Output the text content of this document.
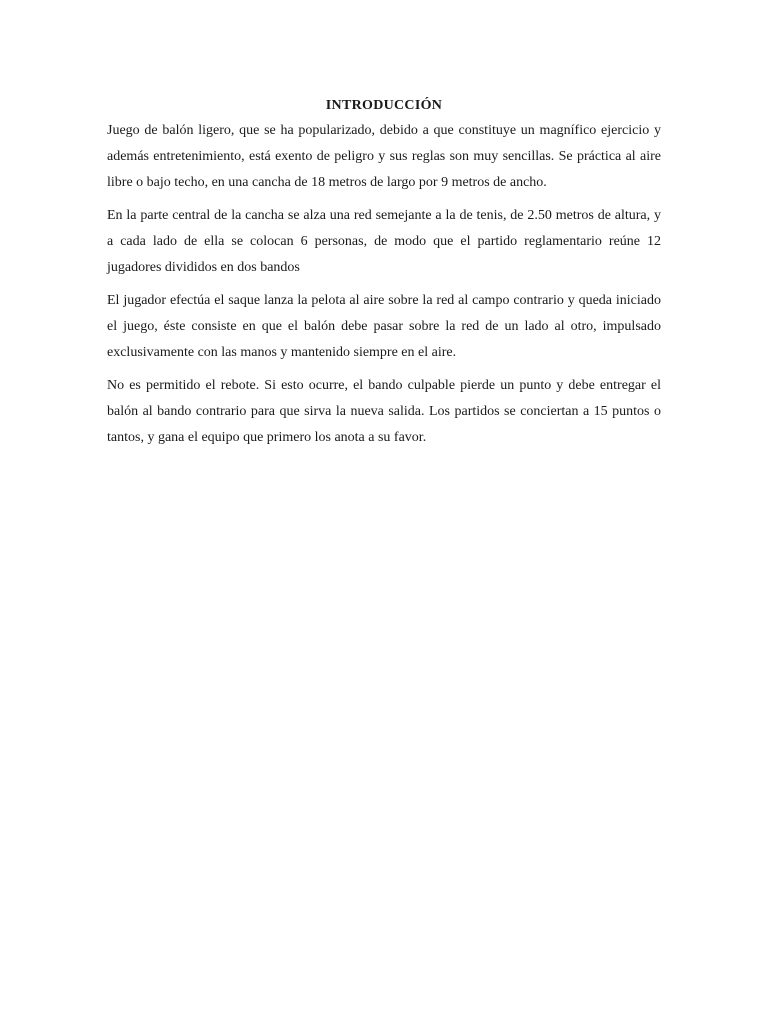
INTRODUCCIÓN

Juego de balón ligero, que se ha popularizado, debido a que constituye un magnífico ejercicio y además entretenimiento, está exento de peligro y sus reglas son muy sencillas. Se práctica al aire libre o bajo techo, en una cancha de 18 metros de largo por 9 metros de ancho.

En la parte central de la cancha se alza una red semejante a la de tenis, de 2.50 metros de altura, y a cada lado de ella se colocan 6 personas, de modo que el partido reglamentario reúne 12 jugadores divididos en dos bandos

El jugador efectúa el saque lanza la pelota al aire sobre la red al campo contrario y queda iniciado el juego, éste consiste en que el balón debe pasar sobre la red de un lado al otro, impulsado exclusivamente con las manos y mantenido siempre en el aire.

No es permitido el rebote. Si esto ocurre, el bando culpable pierde un punto y debe entregar el balón al bando contrario para que sirva la nueva salida. Los partidos se conciertan a 15 puntos o tantos, y gana el equipo que primero los anota a su favor.
